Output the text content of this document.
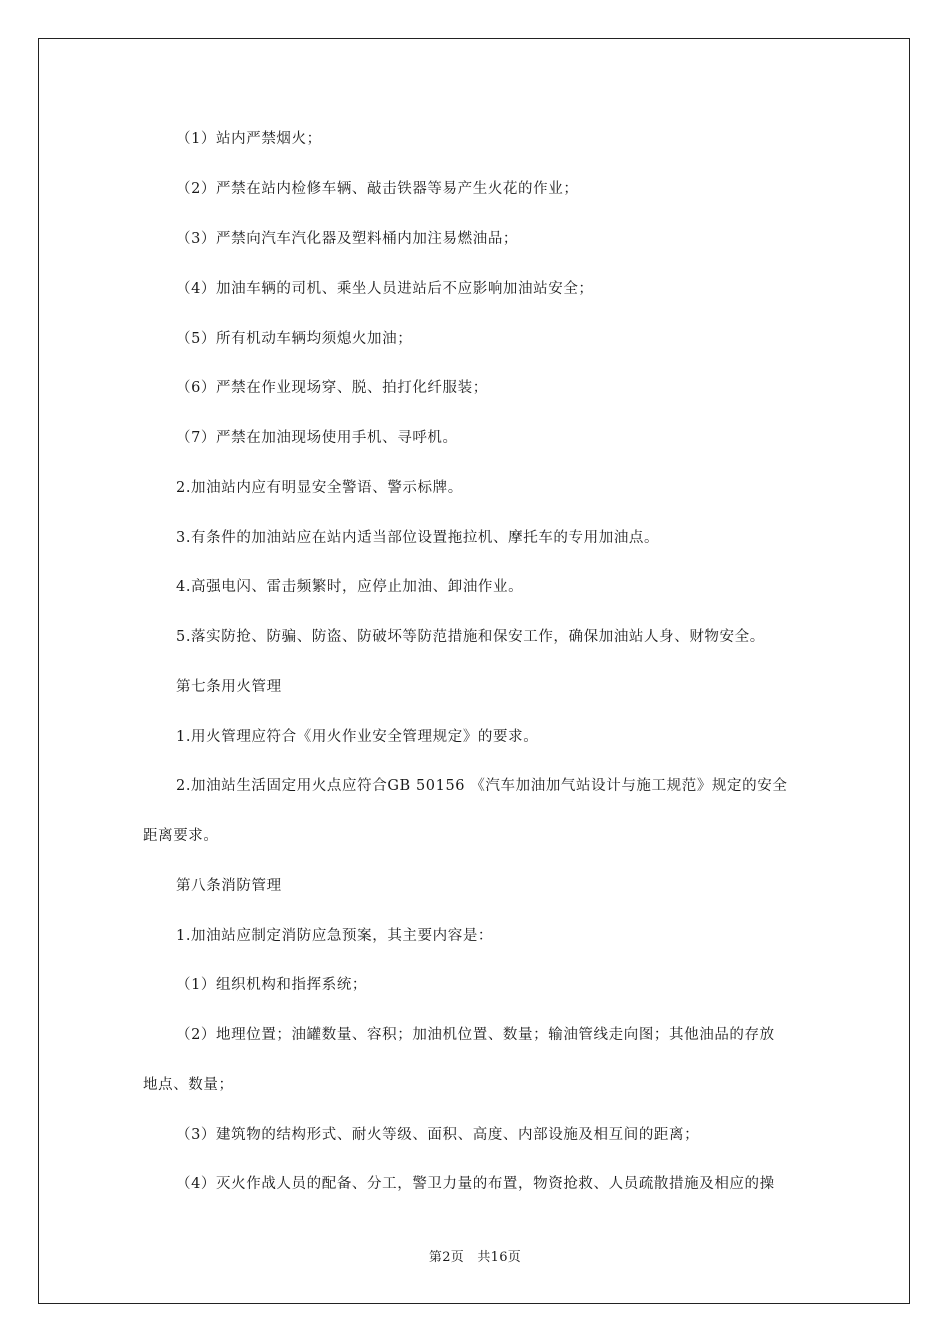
（1）站内严禁烟火；
（2）严禁在站内检修车辆、敲击铁器等易产生火花的作业；
（3）严禁向汽车汽化器及塑料桶内加注易燃油品；
（4）加油车辆的司机、乘坐人员进站后不应影响加油站安全；
（5）所有机动车辆均须熄火加油；
（6）严禁在作业现场穿、脱、拍打化纤服装；
（7）严禁在加油现场使用手机、寻呼机。
2.加油站内应有明显安全警语、警示标牌。
3.有条件的加油站应在站内适当部位设置拖拉机、摩托车的专用加油点。
4.高强电闪、雷击频繁时，应停止加油、卸油作业。
5.落实防抢、防骗、防盗、防破坏等防范措施和保安工作，确保加油站人身、财物安全。
第七条用火管理
1.用火管理应符合《用火作业安全管理规定》的要求。
2.加油站生活固定用火点应符合GB 50156 《汽车加油加气站设计与施工规范》规定的安全
距离要求。
第八条消防管理
1.加油站应制定消防应急预案，其主要内容是：
（1）组织机构和指挥系统；
（2）地理位置；油罐数量、容积；加油机位置、数量；输油管线走向图；其他油品的存放
地点、数量；
（3）建筑物的结构形式、耐火等级、面积、高度、内部设施及相互间的距离；
（4）灭火作战人员的配备、分工，警卫力量的布置，物资抢救、人员疏散措施及相应的操
第2页　共16页
